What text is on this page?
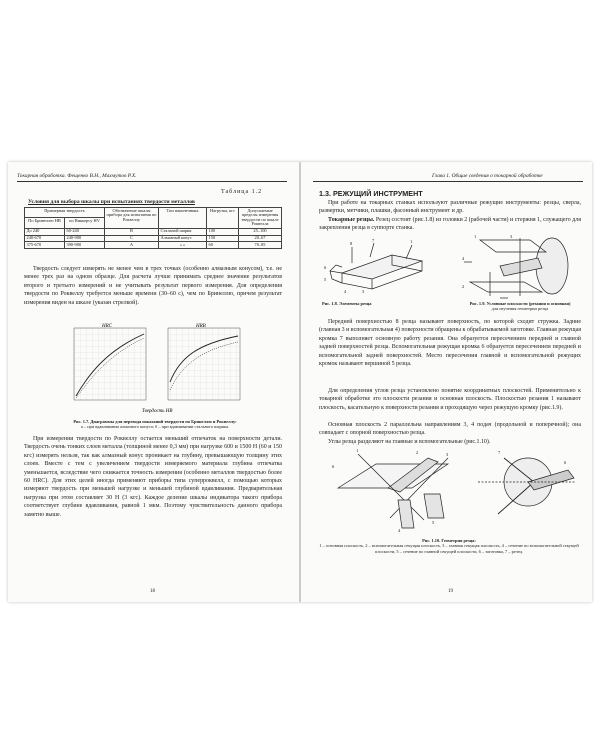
Токарная обработка. Фещенко В.Н., Махмутов Р.Х.
Таблица 1.2
Условия для выбора шкалы при испытаниях твердости металлов
Примерная твердость		Обозначение шкалы прибора для испытания по Роквеллу	Тип наконечника	Нагрузка, кгс	Допускаемые пределы измерения твердости по шкале Роквелла
По Бринеллю НВ	по Виккерсу HV				
До 240	60-240	B	Стальной шарик	100	25–100
240-670	240-900	C	Алмазный конус	150	20–67
375-670	390-900	A	« »	60	70–85

Твердость следует измерять не менее чем в трех точках (особенно алмазным конусом), т.е. не менее трех раз на одном образце. Для расчета лучше принимать среднее значение результатов второго и третьего измерений и не учитывать результат первого измерения. Для определения твердости по Роквеллу требуется меньше времени (30–60 с), чем по Бринеллю, причем результат измерения виден на шкале (указан стрелкой).

HRC	HRB
Твердость НВ
Рис. 1.7. Диаграммы для перевода показаний твердости по Бринеллю и Роквеллу:
а – при вдавливании алмазного конуса; б – при вдавливании стального шарика.

При измерении твердости по Роквеллу остается меньший отпечаток на поверхности детали. Твердость очень тонких слоев металла (толщиной менее 0,3 мм) при нагрузке 600 и 1500 Н (60 и 150 кгс) измерять нельзя, так как алмазный конус проникает на глубину, превышающую толщину этих слоев. Вместе с тем с увеличением твердости измеряемого материала глубина отпечатка уменьшается, вследствие чего снижается точность измерения (особенно металлов твердостью более 60 HRC). Для этих целей иногда применяют приборы типа суперроквелл, с помощью которых измеряют твердость при меньшей нагрузке и меньшей глубиной вдавливания. Предварительная нагрузка при этом составляет 30 Н (3 кгс). Каждое деление шкалы индикатора такого прибора соответствует глубине вдавливания, равной 1 мкм. Поэтому чувствительность данного прибора заметно выше.

18
Глава 1. Общие сведения о токарной обработке
1.3. РЕЖУЩИЙ ИНСТРУМЕНТ

При работе на токарных станках используют различные режущие инструменты: резцы, сверла, развертки, метчики, плашки, фасонный инструмент и др.

Токарные резцы. Резец состоит (рис.1.8) из головки 2 (рабочей части) и стержня 1, служащего для закрепления резца в суппорте станка.

8
7	1
6
5
4	3
1
2
3
4
Рис. 1.8. Элементы резца	Рис. 1.9. Условные плоскости (резания и основная)
для изучения геометрии резца

Передней поверхностью 8 резца называют поверхность, по которой сходит стружка. Задние (главная 3 и вспомогательная 4) поверхности обращены к обрабатываемой заготовке. Главная режущая кромка 7 выполняет основную работу резания. Она образуется пересечением передней и главной задней поверхностей резца. Вспомогательная режущая кромка 6 образуется пересечением передней и вспомогательной задней поверхностей. Место пересечения главной и вспомогательной режущих кромок называют вершиной 5 резца.

Для определения углов резца установлено понятие координатных плоскостей. Применительно к токарной обработке это плоскости резания и основная плоскость. Плоскостью резания 1 называют плоскость, касательную к поверхности резания и проходящую через режущую кромку (рис.1.9).

Основная плоскость 2 параллельна направлениям 3, 4 подач (продольной и поперечной); она совпадает с опорной поверхностью резца.

Углы резца разделяют на главные и вспомогательные (рис.1.10).

6
1	2	3
4
5
7
6
Рис. 1.10. Геометрия резца:
1 – основная плоскость, 2 – вспомогательная секущая плоскость, 3 – главная секущая плоскость, 4 – сечение по вспомогательной секущей плоскости, 5 – сечение по главной секущей плоскости, 6 – заготовка, 7 – резец.
19
